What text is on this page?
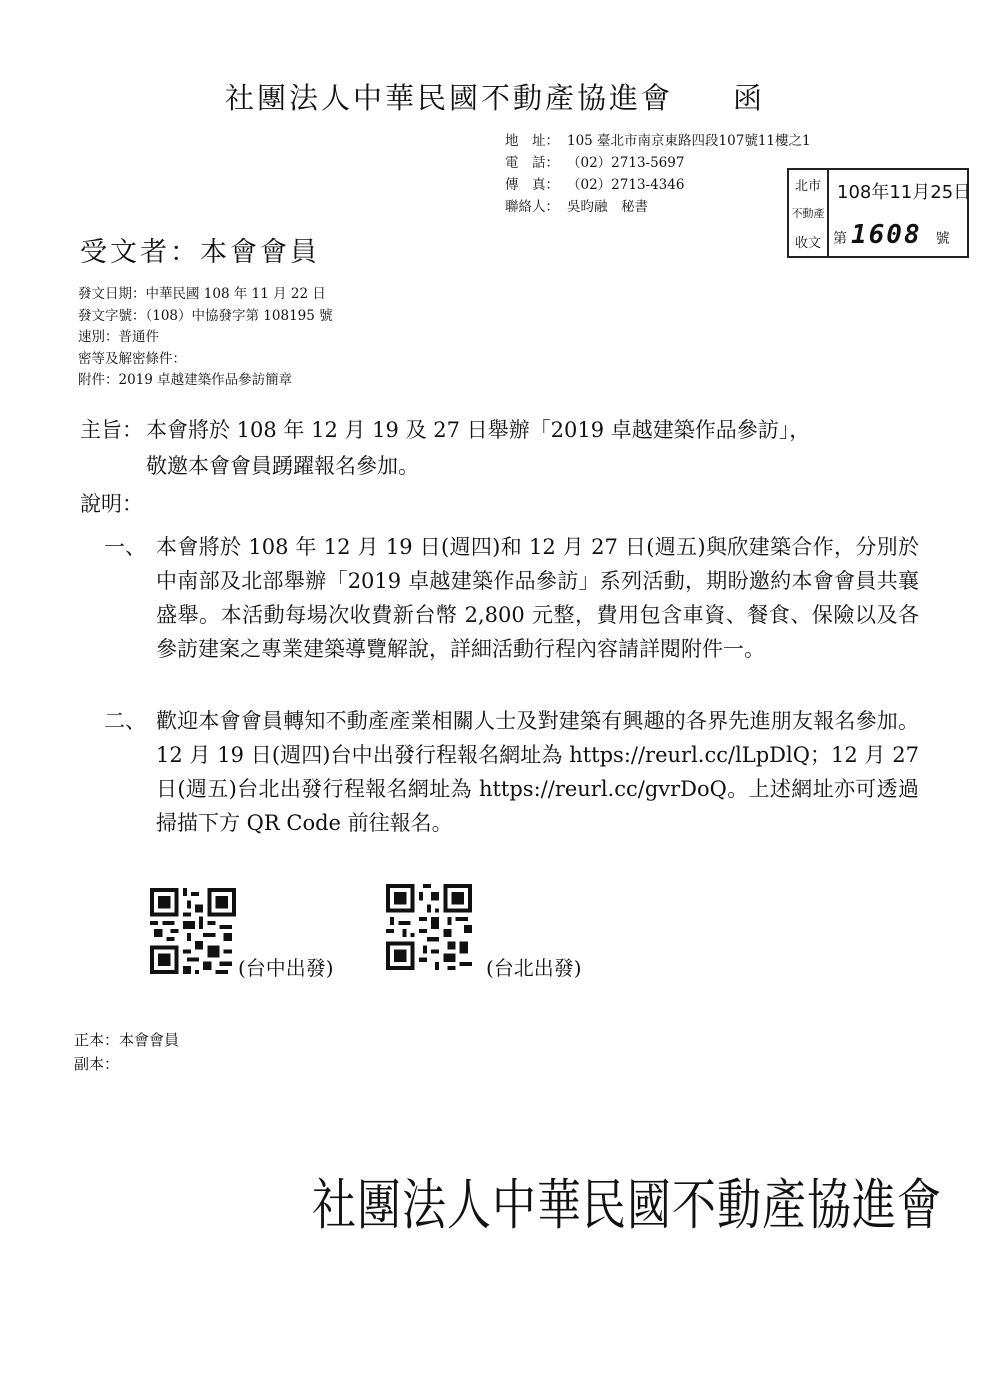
社團法人中華民國不動產協進會 函
地　址： 105 臺北市南京東路四段107號11樓之1
電　話： （02）2713-5697
傳　真： （02）2713-4346
聯絡人： 吳昀融　秘書
北市
不動產
收文
108年11月25日
第 1608 號
受文者：本會會員
發文日期：中華民國 108 年 11 月 22 日
發文字號：（108）中協發字第 108195 號
速別：普通件
密等及解密條件：
附件：2019 卓越建築作品參訪簡章
主旨： 本會將於 108 年 12 月 19 及 27 日舉辦「2019 卓越建築作品參訪」，
敬邀本會會員踴躍報名參加。
說明：
一、 本會將於 108 年 12 月 19 日(週四)和 12 月 27 日(週五)與欣建築合作，分別於中南部及北部舉辦「2019 卓越建築作品參訪」系列活動，期盼邀約本會會員共襄盛舉。本活動每場次收費新台幣 2,800 元整，費用包含車資、餐食、保險以及各參訪建案之專業建築導覽解說，詳細活動行程內容請詳閱附件一。
二、 歡迎本會會員轉知不動產產業相關人士及對建築有興趣的各界先進朋友報名參加。12 月 19 日(週四)台中出發行程報名網址為 https://reurl.cc/lLpDlQ；12 月 27 日(週五)台北出發行程報名網址為 https://reurl.cc/gvrDoQ。上述網址亦可透過掃描下方 QR Code 前往報名。
(台中出發)	(台北出發)
正本：本會會員
副本：
社團法人中華民國不動產協進會
